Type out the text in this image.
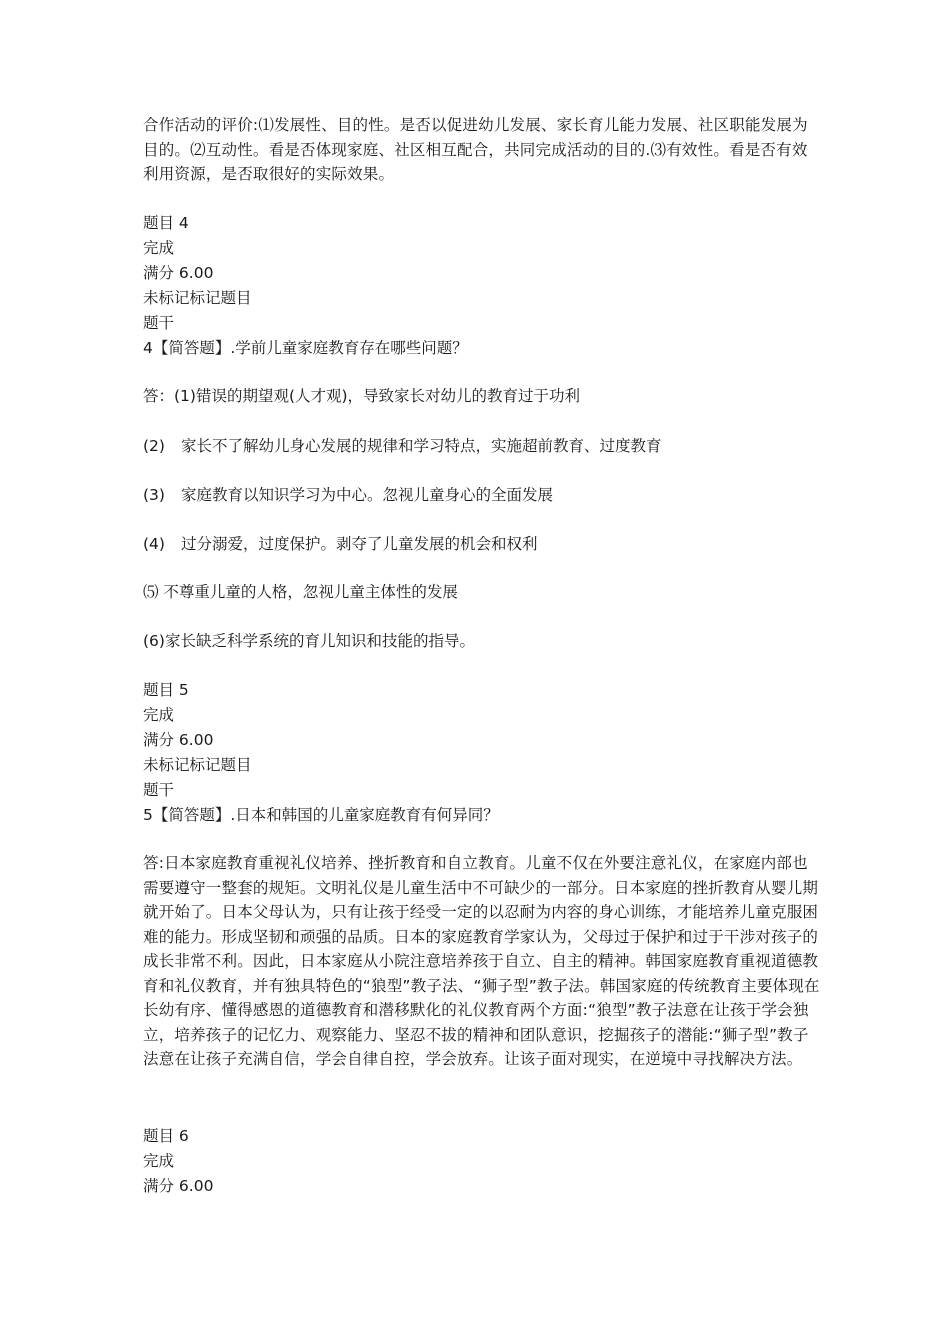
合作活动的评价:⑴发展性、目的性。是否以促进幼儿发展、家长育儿能力发展、社区职能发展为目的。⑵互动性。看是否体现家庭、社区相互配合，共同完成活动的目的.⑶有效性。看是否有效利用资源，是否取很好的实际效果。
题目 4
完成
满分 6.00
未标记标记题目
题干
4【简答题】.学前儿童家庭教育存在哪些问题？
答：(1)错误的期望观(人才观)，导致家长对幼儿的教育过于功利
(2) 家长不了解幼儿身心发展的规律和学习特点，实施超前教育、过度教育
(3) 家庭教育以知识学习为中心。忽视儿童身心的全面发展
(4) 过分溺爱，过度保护。剥夺了儿童发展的机会和权利
⑸ 不尊重儿童的人格，忽视儿童主体性的发展
(6)家长缺乏科学系统的育儿知识和技能的指导。
题目 5
完成
满分 6.00
未标记标记题目
题干
5【简答题】.日本和韩国的儿童家庭教育有何异同？
答:日本家庭教育重视礼仪培养、挫折教育和自立教育。儿童不仅在外要注意礼仪，在家庭内部也需要遵守一整套的规矩。文明礼仪是儿童生活中不可缺少的一部分。日本家庭的挫折教育从婴儿期就开始了。日本父母认为，只有让孩于经受一定的以忍耐为内容的身心训练，才能培养儿童克服困难的能力。形成坚韧和顽强的品质。日本的家庭教育学家认为，父母过于保护和过于干涉对孩子的成长非常不利。因此，日本家庭从小院注意培养孩于自立、自主的精神。韩国家庭教育重视道德教育和礼仪教育，并有独具特色的“狼型”教子法、“狮子型”教子法。韩国家庭的传统教育主要体现在长幼有序、懂得感恩的道德教育和潜移默化的礼仪教育两个方面:“狼型”教子法意在让孩于学会独立，培养孩子的记忆力、观察能力、坚忍不拔的精神和团队意识，挖掘孩子的潜能:“狮子型”教子法意在让孩子充满自信，学会自律自控，学会放弃。让该子面对现实，在逆境中寻找解决方法。
题目 6
完成
满分 6.00
